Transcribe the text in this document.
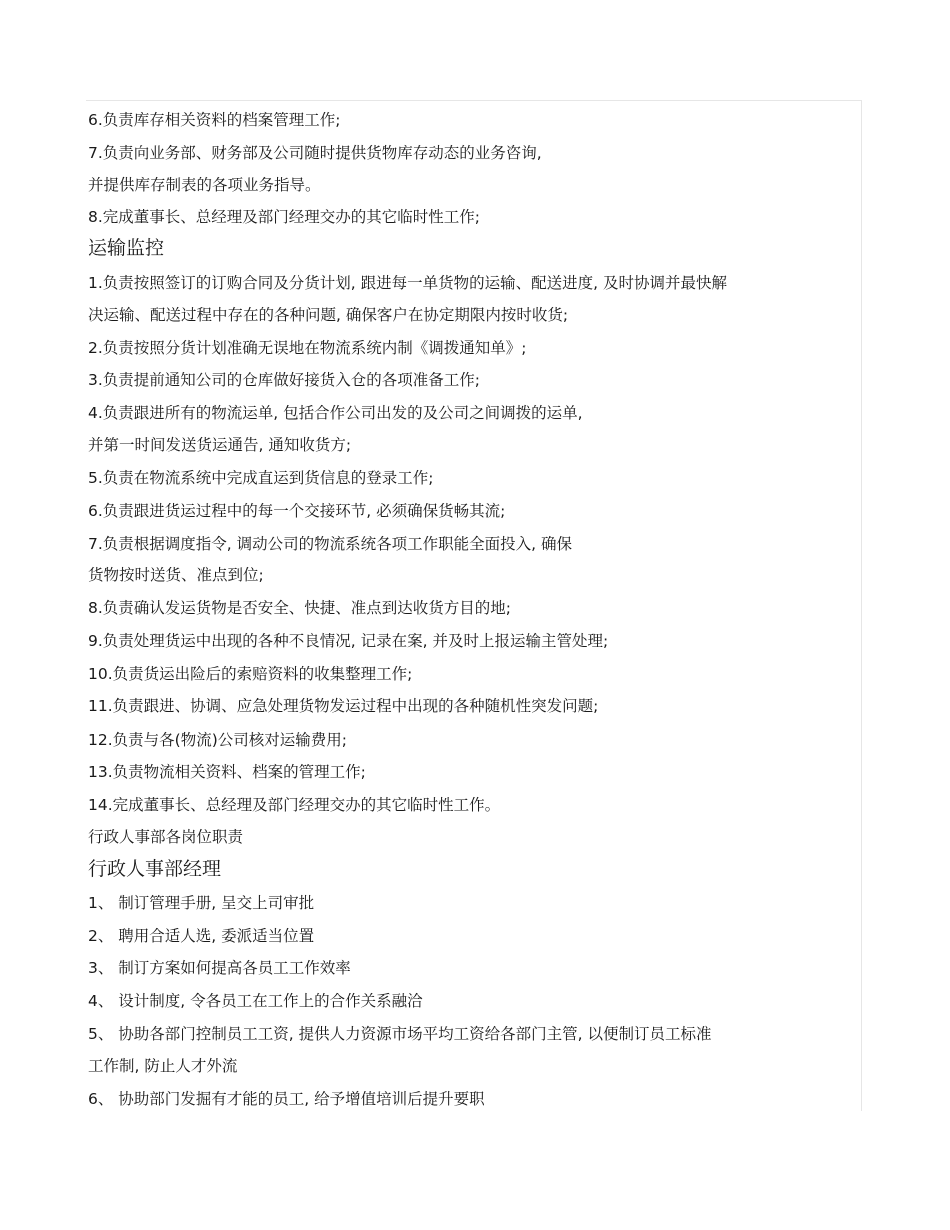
6.负责库存相关资料的档案管理工作;
7.负责向业务部、财务部及公司随时提供货物库存动态的业务咨询,
并提供库存制表的各项业务指导。
8.完成董事长、总经理及部门经理交办的其它临时性工作;
运输监控
1.负责按照签订的订购合同及分货计划, 跟进每一单货物的运输、配送进度, 及时协调并最快解
决运输、配送过程中存在的各种问题, 确保客户在协定期限内按时收货;
2.负责按照分货计划准确无误地在物流系统内制《调拨通知单》;
3.负责提前通知公司的仓库做好接货入仓的各项准备工作;
4.负责跟进所有的物流运单, 包括合作公司出发的及公司之间调拨的运单,
并第一时间发送货运通告, 通知收货方;
5.负责在物流系统中完成直运到货信息的登录工作;
6.负责跟进货运过程中的每一个交接环节, 必须确保货畅其流;
7.负责根据调度指令, 调动公司的物流系统各项工作职能全面投入, 确保
货物按时送货、准点到位;
8.负责确认发运货物是否安全、快捷、准点到达收货方目的地;
9.负责处理货运中出现的各种不良情况, 记录在案, 并及时上报运输主管处理;
10.负责货运出险后的索赔资料的收集整理工作;
11.负责跟进、协调、应急处理货物发运过程中出现的各种随机性突发问题;
12.负责与各(物流)公司核对运输费用;
13.负责物流相关资料、档案的管理工作;
14.完成董事长、总经理及部门经理交办的其它临时性工作。
行政人事部各岗位职责
行政人事部经理
1、 制订管理手册, 呈交上司审批
2、 聘用合适人选, 委派适当位置
3、 制订方案如何提高各员工工作效率
4、 设计制度, 令各员工在工作上的合作关系融洽
5、 协助各部门控制员工工资, 提供人力资源市场平均工资给各部门主管, 以便制订员工标准
工作制, 防止人才外流
6、 协助部门发掘有才能的员工, 给予增值培训后提升要职
